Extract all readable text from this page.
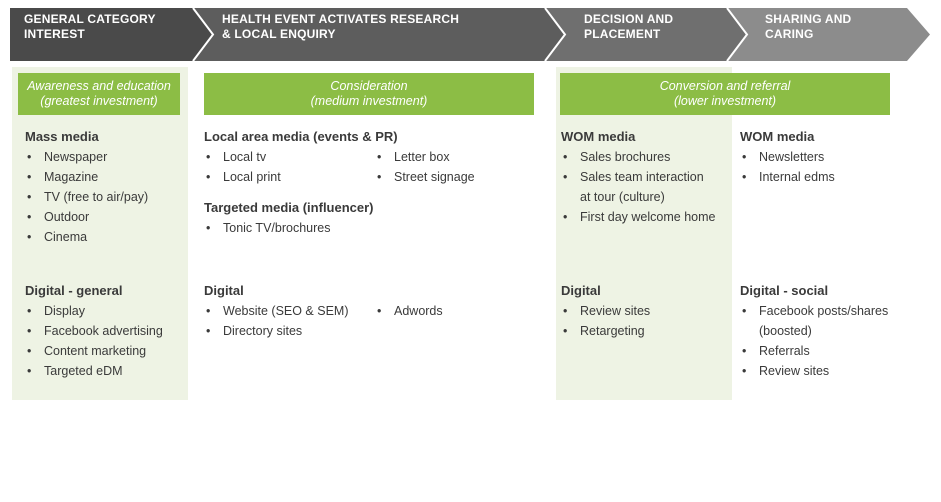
GENERAL CATEGORY
INTEREST
HEALTH EVENT ACTIVATES RESEARCH
& LOCAL ENQUIRY
DECISION AND
PLACEMENT
SHARING AND
CARING
Awareness and education
(greatest investment)
Consideration
(medium investment)
Conversion and referral
(lower investment)
Mass media
• Newspaper
• Magazine
• TV (free to air/pay)
• Outdoor
• Cinema
Digital - general
• Display
• Facebook advertising
• Content marketing
• Targeted eDM
Local area media (events & PR)
• Local tv
• Local print
• Letter box
• Street signage
Targeted media (influencer)
• Tonic TV/brochures
Digital
• Website (SEO & SEM)
• Directory sites
• Adwords
WOM media
• Sales brochures
• Sales team interaction
at tour (culture)
• First day welcome home
Digital
• Review sites
• Retargeting
WOM media
• Newsletters
• Internal edms
Digital - social
• Facebook posts/shares
(boosted)
• Referrals
• Review sites
